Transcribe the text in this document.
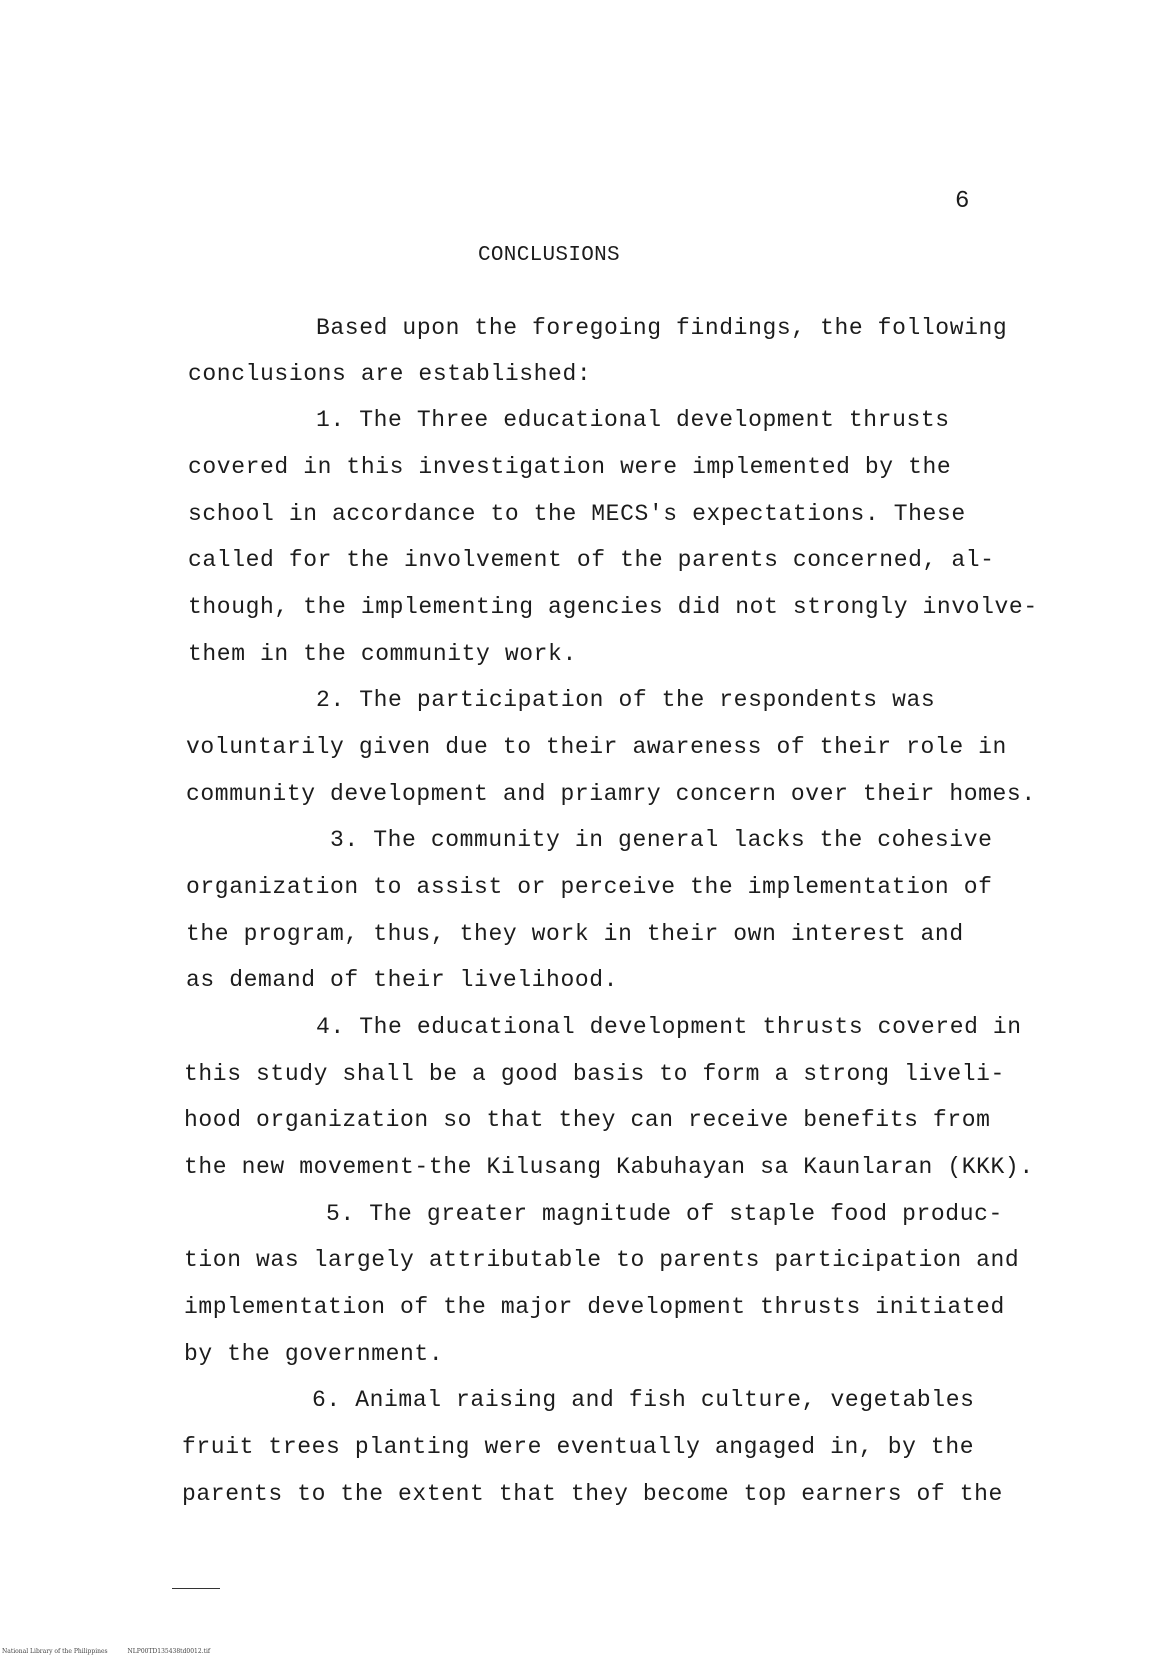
6
CONCLUSIONS
Based upon the foregoing findings, the following
conclusions are established:
1. The Three educational development thrusts
covered in this investigation were implemented by the
school in accordance to the MECS's expectations. These
called for the involvement of the parents concerned, al-
though, the implementing agencies did not strongly involve-
them in the community work.
2. The participation of the respondents was
voluntarily given due to their awareness of their role in
community development and priamry concern over their homes.
3. The community in general lacks the cohesive
organization to assist or perceive the implementation of
the program, thus, they work in their own interest and
as demand of their livelihood.
4. The educational development thrusts covered in
this study shall be a good basis to form a strong liveli-
hood organization so that they can receive benefits from
the new movement-the Kilusang Kabuhayan sa Kaunlaran (KKK).
5. The greater magnitude of staple food produc-
tion was largely attributable to parents participation and
implementation of the major development thrusts initiated
by the government.
6. Animal raising and fish culture, vegetables
fruit trees planting were eventually angaged in, by the
parents to the extent that they become top earners of the
National Library of the Philippines	NLP00TD135438td0012.tif
